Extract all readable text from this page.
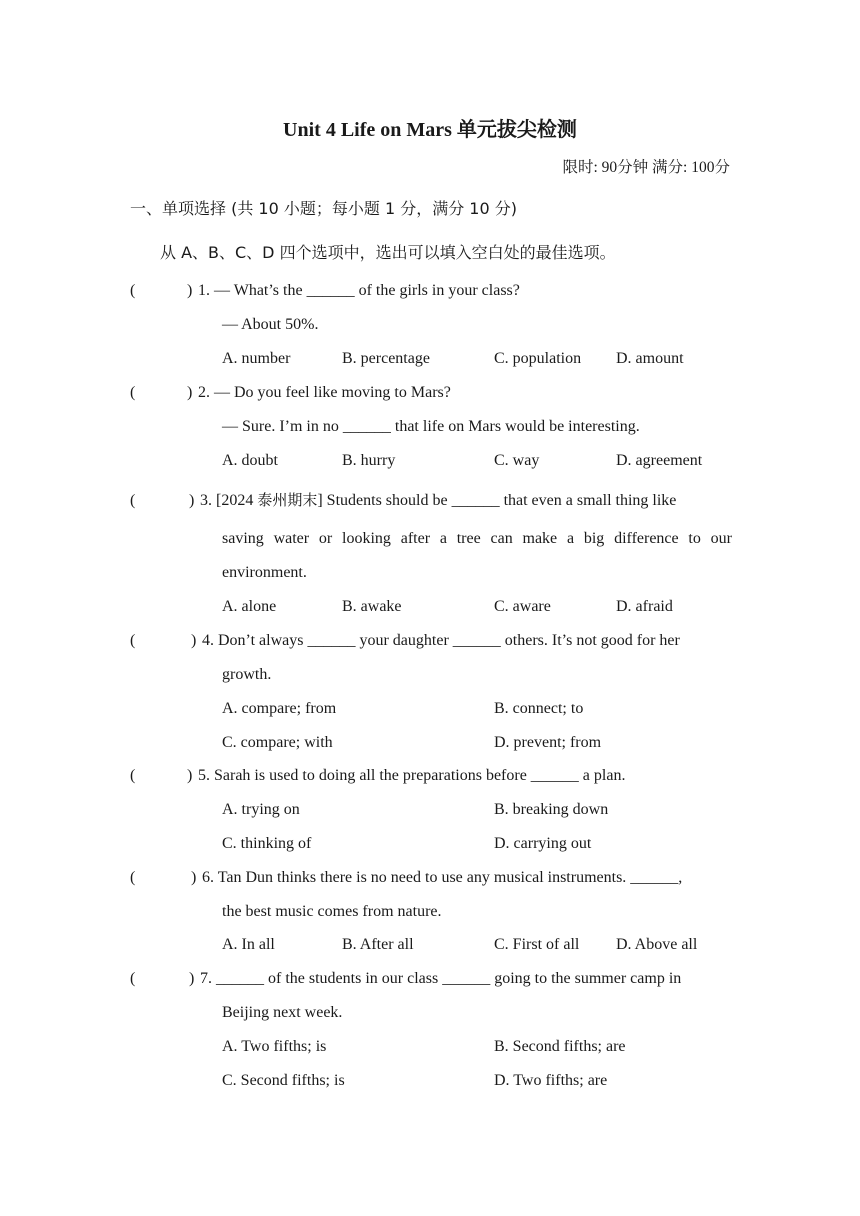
Unit 4 Life on Mars 单元拔尖检测
限时: 90分钟 满分: 100分
一、单项选择 (共 10 小题；每小题 1 分，满分 10 分)
从 A、B、C、D 四个选项中，选出可以填入空白处的最佳选项。
(	) 1. — What’s the ______ of the girls in your class?
— About 50%.
A. number	B. percentage	C. population D. amount
(	) 2. — Do you feel like moving to Mars?
— Sure. I’m in no ______ that life on Mars would be interesting.
A. doubt	B. hurry	C. way	D. agreement
(	) 3. [2024 泰州期末] Students should be ______ that even a small thing like
saving water or looking after a tree can make a big difference to our
environment.
A. alone	B. awake	C. aware	D. afraid
(	) 4. Don’t always ______ your daughter ______ others. It’s not good for her
growth.
A. compare; from	B. connect; to
C. compare; with	D. prevent; from
(	) 5. Sarah is used to doing all the preparations before ______ a plan.
A. trying on	B. breaking down
C. thinking of	D. carrying out
(	) 6. Tan Dun thinks there is no need to use any musical instruments. ______,
the best music comes from nature.
A. In all	B. After all	C. First of all D. Above all
(	) 7. ______ of the students in our class ______ going to the summer camp in
Beijing next week.
A. Two fifths; is	B. Second fifths; are
C. Second fifths; is	D. Two fifths; are
